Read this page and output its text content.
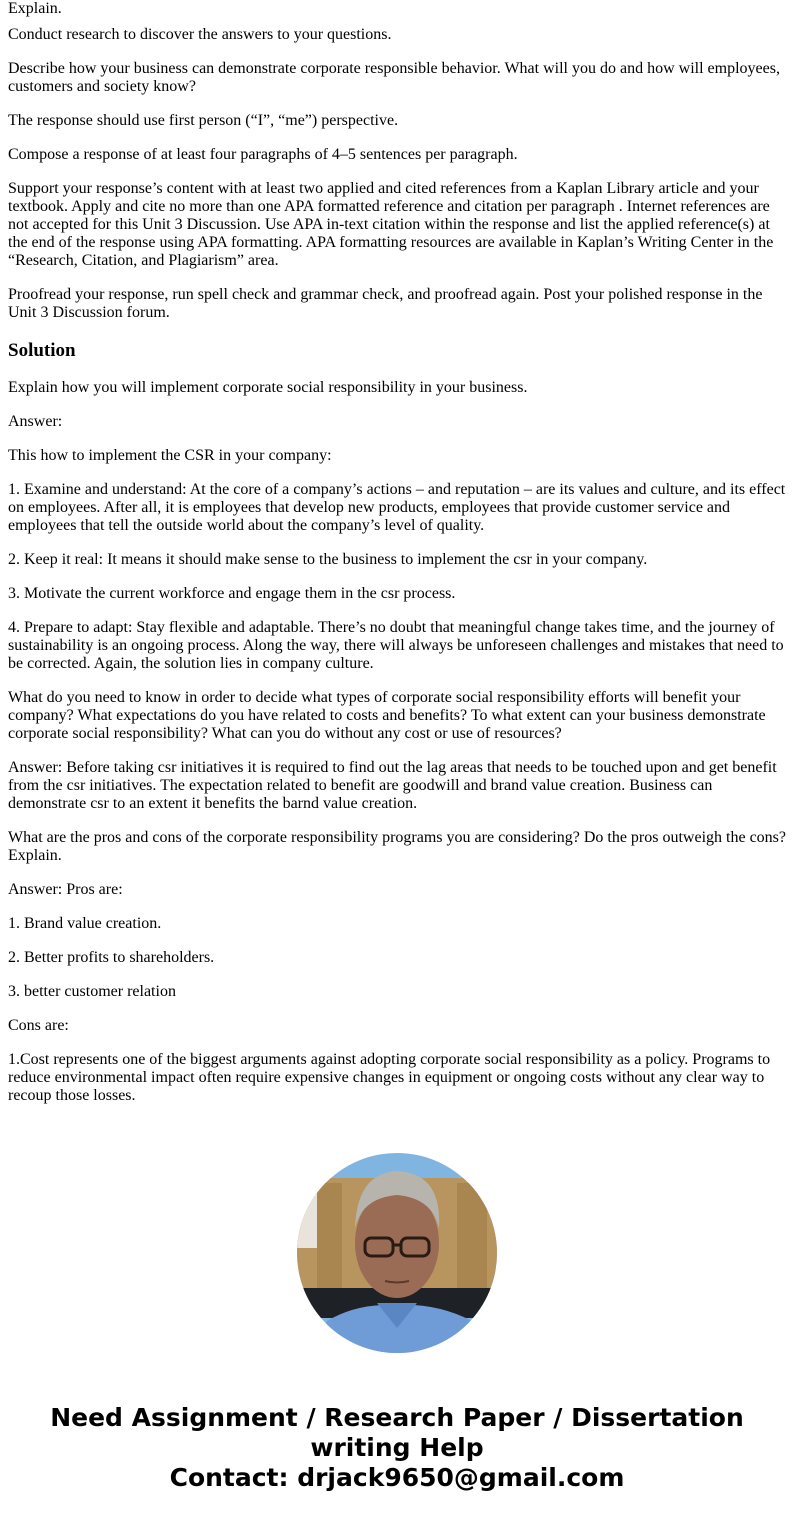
Explain.

Conduct research to discover the answers to your questions.

Describe how your business can demonstrate corporate responsible behavior. What will you do and how will employees, customers and society know?

The response should use first person (“I”, “me”) perspective.

Compose a response of at least four paragraphs of 4–5 sentences per paragraph.

Support your response’s content with at least two applied and cited references from a Kaplan Library article and your textbook. Apply and cite no more than one APA formatted reference and citation per paragraph . Internet references are not accepted for this Unit 3 Discussion. Use APA in-text citation within the response and list the applied reference(s) at the end of the response using APA formatting. APA formatting resources are available in Kaplan’s Writing Center in the “Research, Citation, and Plagiarism” area.

Proofread your response, run spell check and grammar check, and proofread again. Post your polished response in the Unit 3 Discussion forum.

Solution

Explain how you will implement corporate social responsibility in your business.

Answer:

This how to implement the CSR in your company:

1. Examine and understand: At the core of a company’s actions – and reputation – are its values and culture, and its effect on employees. After all, it is employees that develop new products, employees that provide customer service and employees that tell the outside world about the company’s level of quality.

2. Keep it real: It means it should make sense to the business to implement the csr in your company.

3. Motivate the current workforce and engage them in the csr process.

4. Prepare to adapt: Stay flexible and adaptable. There’s no doubt that meaningful change takes time, and the journey of sustainability is an ongoing process. Along the way, there will always be unforeseen challenges and mistakes that need to be corrected. Again, the solution lies in company culture.

What do you need to know in order to decide what types of corporate social responsibility efforts will benefit your company? What expectations do you have related to costs and benefits? To what extent can your business demonstrate corporate social responsibility? What can you do without any cost or use of resources?

Answer: Before taking csr initiatives it is required to find out the lag areas that needs to be touched upon and get benefit from the csr initiatives. The expectation related to benefit are goodwill and brand value creation. Business can demonstrate csr to an extent it benefits the barnd value creation.

What are the pros and cons of the corporate responsibility programs you are considering? Do the pros outweigh the cons? Explain.

Answer: Pros are:

1. Brand value creation.

2. Better profits to shareholders.

3. better customer relation

Cons are:

1.Cost represents one of the biggest arguments against adopting corporate social responsibility as a policy. Programs to reduce environmental impact often require expensive changes in equipment or ongoing costs without any clear way to recoup those losses.

Need Assignment / Research Paper / Dissertation
writing Help
Contact: drjack9650@gmail.com
